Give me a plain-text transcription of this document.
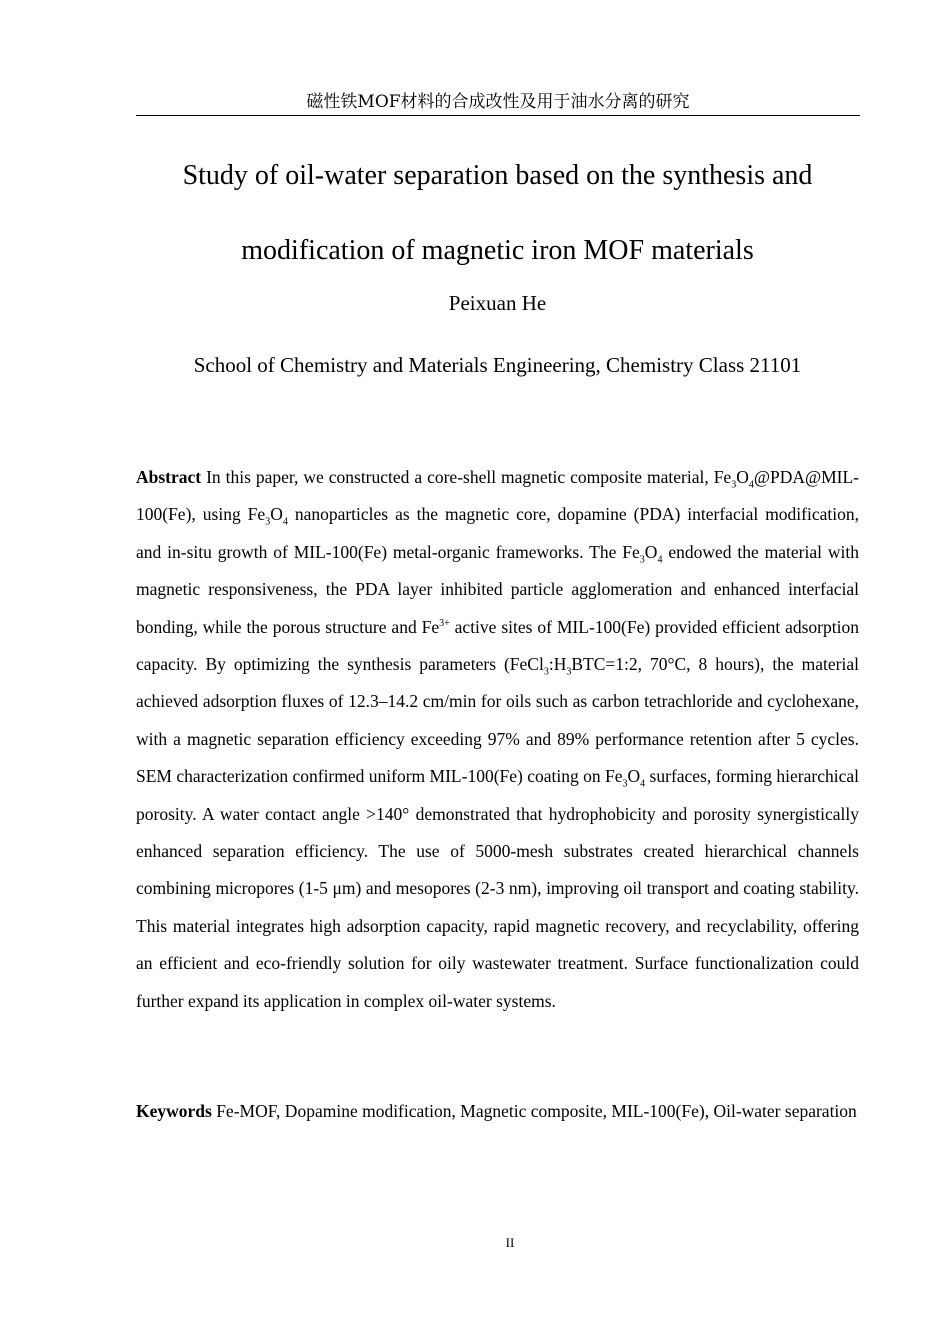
磁性铁MOF材料的合成改性及用于油水分离的研究
Study of oil-water separation based on the synthesis and
modification of magnetic iron MOF materials
Peixuan He
School of Chemistry and Materials Engineering, Chemistry Class 21101

Abstract In this paper, we constructed a core-shell magnetic composite material, $Fe_3O_4@PDA@MIL-100(Fe)$, using $Fe_3O_4$ nanoparticles as the magnetic core, dopamine (PDA) interfacial modification, and in-situ growth of MIL-100(Fe) metal-organic frameworks. The $Fe_3O_4$ endowed the material with magnetic responsiveness, the PDA layer inhibited particle agglomeration and enhanced interfacial bonding, while the porous structure and $Fe^{3+}$ active sites of MIL-100(Fe) provided efficient adsorption capacity. By optimizing the synthesis parameters ($FeCl_3:H_3BTC=1:2$, 70°C, 8 hours), the material achieved adsorption fluxes of 12.3–14.2 cm/min for oils such as carbon tetrachloride and cyclohexane, with a magnetic separation efficiency exceeding 97% and 89% performance retention after 5 cycles. SEM characterization confirmed uniform MIL-100(Fe) coating on $Fe_3O_4$ surfaces, forming hierarchical porosity. A water contact angle >140° demonstrated that hydrophobicity and porosity synergistically enhanced separation efficiency. The use of 5000-mesh substrates created hierarchical channels combining micropores (1-5 μm) and mesopores (2-3 nm), improving oil transport and coating stability. This material integrates high adsorption capacity, rapid magnetic recovery, and recyclability, offering an efficient and eco-friendly solution for oily wastewater treatment. Surface functionalization could further expand its application in complex oil-water systems.

Keywords Fe-MOF, Dopamine modification, Magnetic composite, MIL-100(Fe), Oil-water separation

II
